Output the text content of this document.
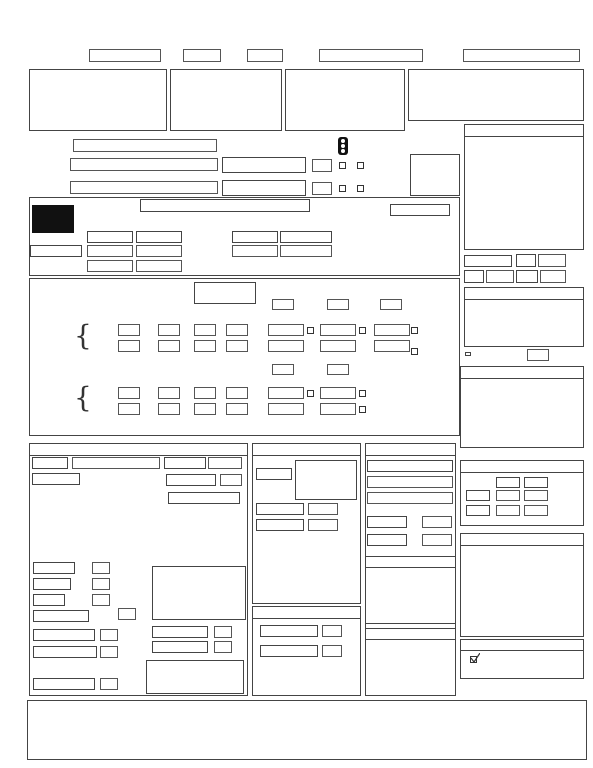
{
{
